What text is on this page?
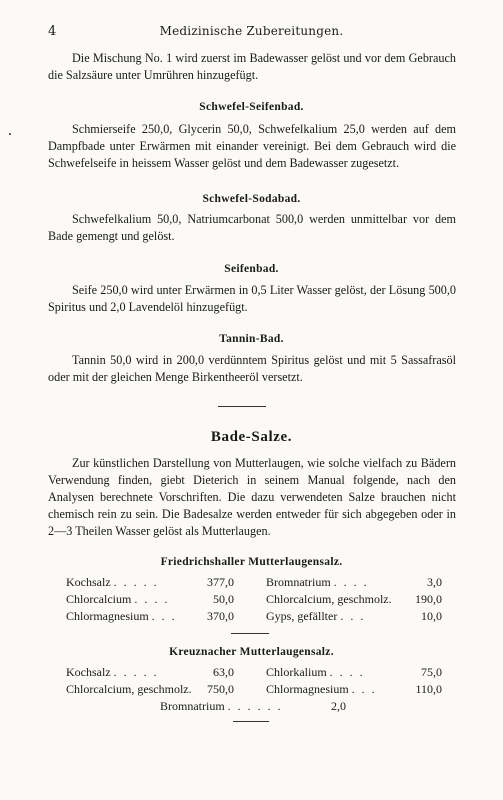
4	Medizinische Zubereitungen.
Die Mischung No. 1 wird zuerst im Badewasser gelöst und vor dem Gebrauch die Salzsäure unter Umrühren hinzugefügt.
Schwefel-Seifenbad.
Schmierseife 250,0, Glycerin 50,0, Schwefelkalium 25,0 werden auf dem Dampfbade unter Erwärmen mit einander vereinigt. Bei dem Gebrauch wird die Schwefelseife in heissem Wasser gelöst und dem Badewasser zugesetzt.
Schwefel-Sodabad.
Schwefelkalium 50,0, Natriumcarbonat 500,0 werden unmittelbar vor dem Bade gemengt und gelöst.
Seifenbad.
Seife 250,0 wird unter Erwärmen in 0,5 Liter Wasser gelöst, der Lösung 500,0 Spiritus und 2,0 Lavendelöl hinzugefügt.
Tannin-Bad.
Tannin 50,0 wird in 200,0 verdünntem Spiritus gelöst und mit 5 Sassafrasöl oder mit der gleichen Menge Birkentheeröl versetzt.
Bade-Salze.
Zur künstlichen Darstellung von Mutterlaugen, wie solche vielfach zu Bädern Verwendung finden, giebt Dieterich in seinem Manual folgende, nach den Analysen berechnete Vorschriften. Die dazu verwendeten Salze brauchen nicht chemisch rein zu sein. Die Badesalze werden entweder für sich abgegeben oder in 2—3 Theilen Wasser gelöst als Mutterlaugen.
Friedrichshaller Mutterlaugensalz.
Kochsalz . . . . .	377,0	Bromnatrium . . . .	3,0
Chlorcalcium . . . .	50,0	Chlorcalcium, geschmolz.	190,0
Chlormagnesium . . .	370,0	Gyps, gefällter . . .	10,0
Kreuznacher Mutterlaugensalz.
Kochsalz . . . . .	63,0	Chlorkalium . . . .	75,0
Chlorcalcium, geschmolz.	750,0	Chlormagnesium . . .	110,0
Bromnatrium . . . . . .	2,0
